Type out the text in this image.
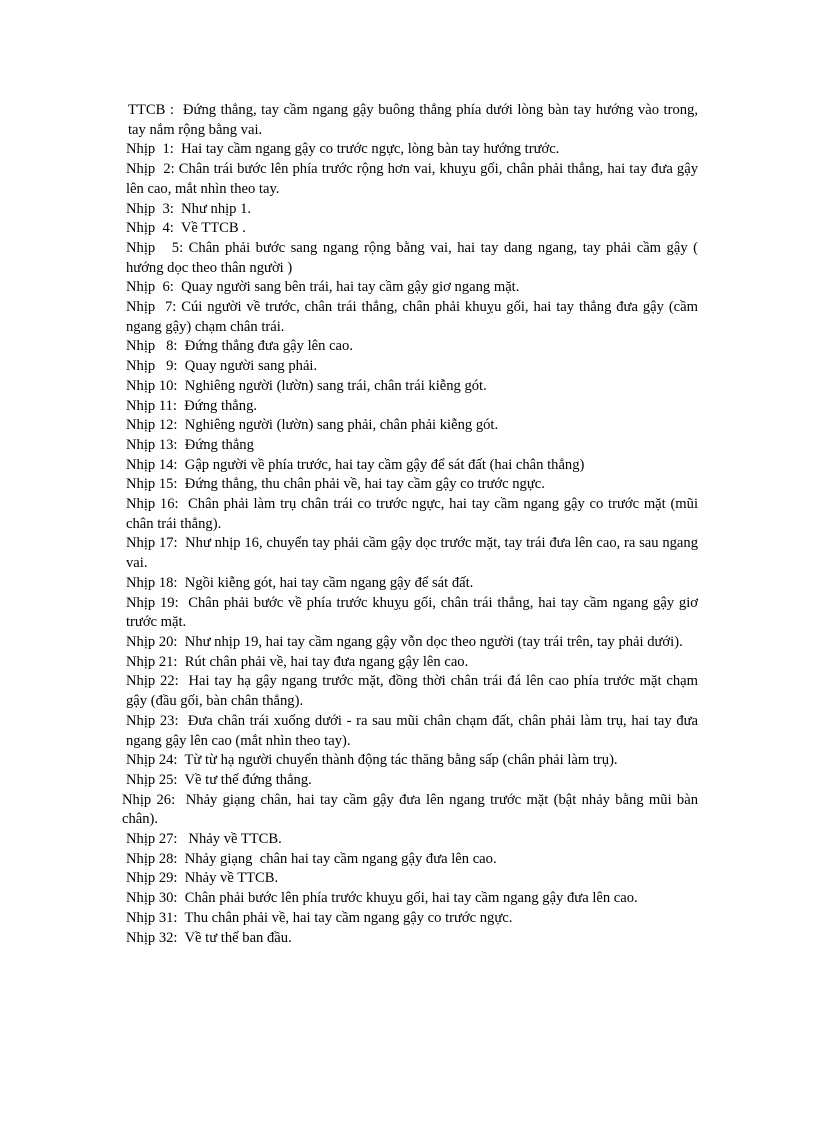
TTCB :  Đứng thẳng, tay cầm ngang gậy buông thẳng phía dưới lòng bàn tay hướng vào trong, tay nắm rộng bằng vai.
Nhịp  1:  Hai tay cầm ngang gậy co trước ngực, lòng bàn tay hướng trước.
Nhịp  2: Chân trái bước lên phía trước rộng hơn vai, khuỵu gối, chân phải thẳng, hai tay đưa gậy lên cao, mắt nhìn theo tay.
Nhịp  3:  Như nhịp 1.
Nhịp  4:  Về TTCB .
Nhịp   5: Chân phải bước sang ngang rộng bằng vai, hai tay dang ngang, tay phải cầm gậy ( hướng dọc theo thân người )
Nhịp  6:  Quay người sang bên trái, hai tay cầm gậy giơ ngang mặt.
Nhịp  7: Cúi người về trước, chân trái thẳng, chân phải khuỵu gối, hai tay thẳng đưa gậy (cầm ngang gậy) chạm chân trái.
Nhịp   8:  Đứng thẳng đưa gậy lên cao.
Nhịp   9:  Quay người sang phải.
Nhịp 10:  Nghiêng người (lườn) sang trái, chân trái kiễng gót.
Nhịp 11:  Đứng thẳng.
Nhịp 12:  Nghiêng người (lườn) sang phải, chân phải kiễng gót.
Nhịp 13:  Đứng thẳng
Nhịp 14:  Gập người về phía trước, hai tay cầm gậy để sát đất (hai chân thẳng)
Nhịp 15:  Đứng thẳng, thu chân phải về, hai tay cầm gậy co trước ngực.
Nhịp 16:  Chân phải làm trụ chân trái co trước ngực, hai tay cầm ngang gậy co trước mặt (mũi chân trái thẳng).
Nhịp 17:  Như nhịp 16, chuyển tay phải cầm gậy dọc trước mặt, tay trái đưa lên cao, ra sau ngang vai.
Nhịp 18:  Ngồi kiễng gót, hai tay cầm ngang gậy để sát đất.
Nhịp 19:  Chân phải bước về phía trước khuỵu gối, chân trái thẳng, hai tay cầm ngang gậy giơ trước mặt.
Nhịp 20:  Như nhịp 19, hai tay cầm ngang gậy vỗn dọc theo người (tay trái trên, tay phải dưới).
Nhịp 21:  Rút chân phải về, hai tay đưa ngang gậy lên cao.
Nhịp 22:  Hai tay hạ gậy ngang trước mặt, đồng thời chân trái đá lên cao phía trước mặt chạm gậy (đầu gối, bàn chân thẳng).
Nhịp 23:  Đưa chân trái xuống dưới - ra sau mũi chân chạm đất, chân phải làm trụ, hai tay đưa ngang gậy lên cao (mắt nhìn theo tay).
Nhịp 24:  Từ từ hạ người chuyển thành động tác thăng bằng sấp (chân phải làm trụ).
Nhịp 25:  Về tư thế đứng thẳng.
Nhịp 26:  Nhảy giạng chân, hai tay cầm gậy đưa lên ngang trước mặt (bật nhảy bằng mũi bàn chân).
Nhịp 27:   Nhảy về TTCB.
Nhịp 28:  Nhảy giạng  chân hai tay cầm ngang gậy đưa lên cao.
Nhịp 29:  Nhảy về TTCB.
Nhịp 30:  Chân phải bước lên phía trước khuỵu gối, hai tay cầm ngang gậy đưa lên cao.
Nhịp 31:  Thu chân phải về, hai tay cầm ngang gậy co trước ngực.
Nhịp 32:  Về tư thế ban đầu.
